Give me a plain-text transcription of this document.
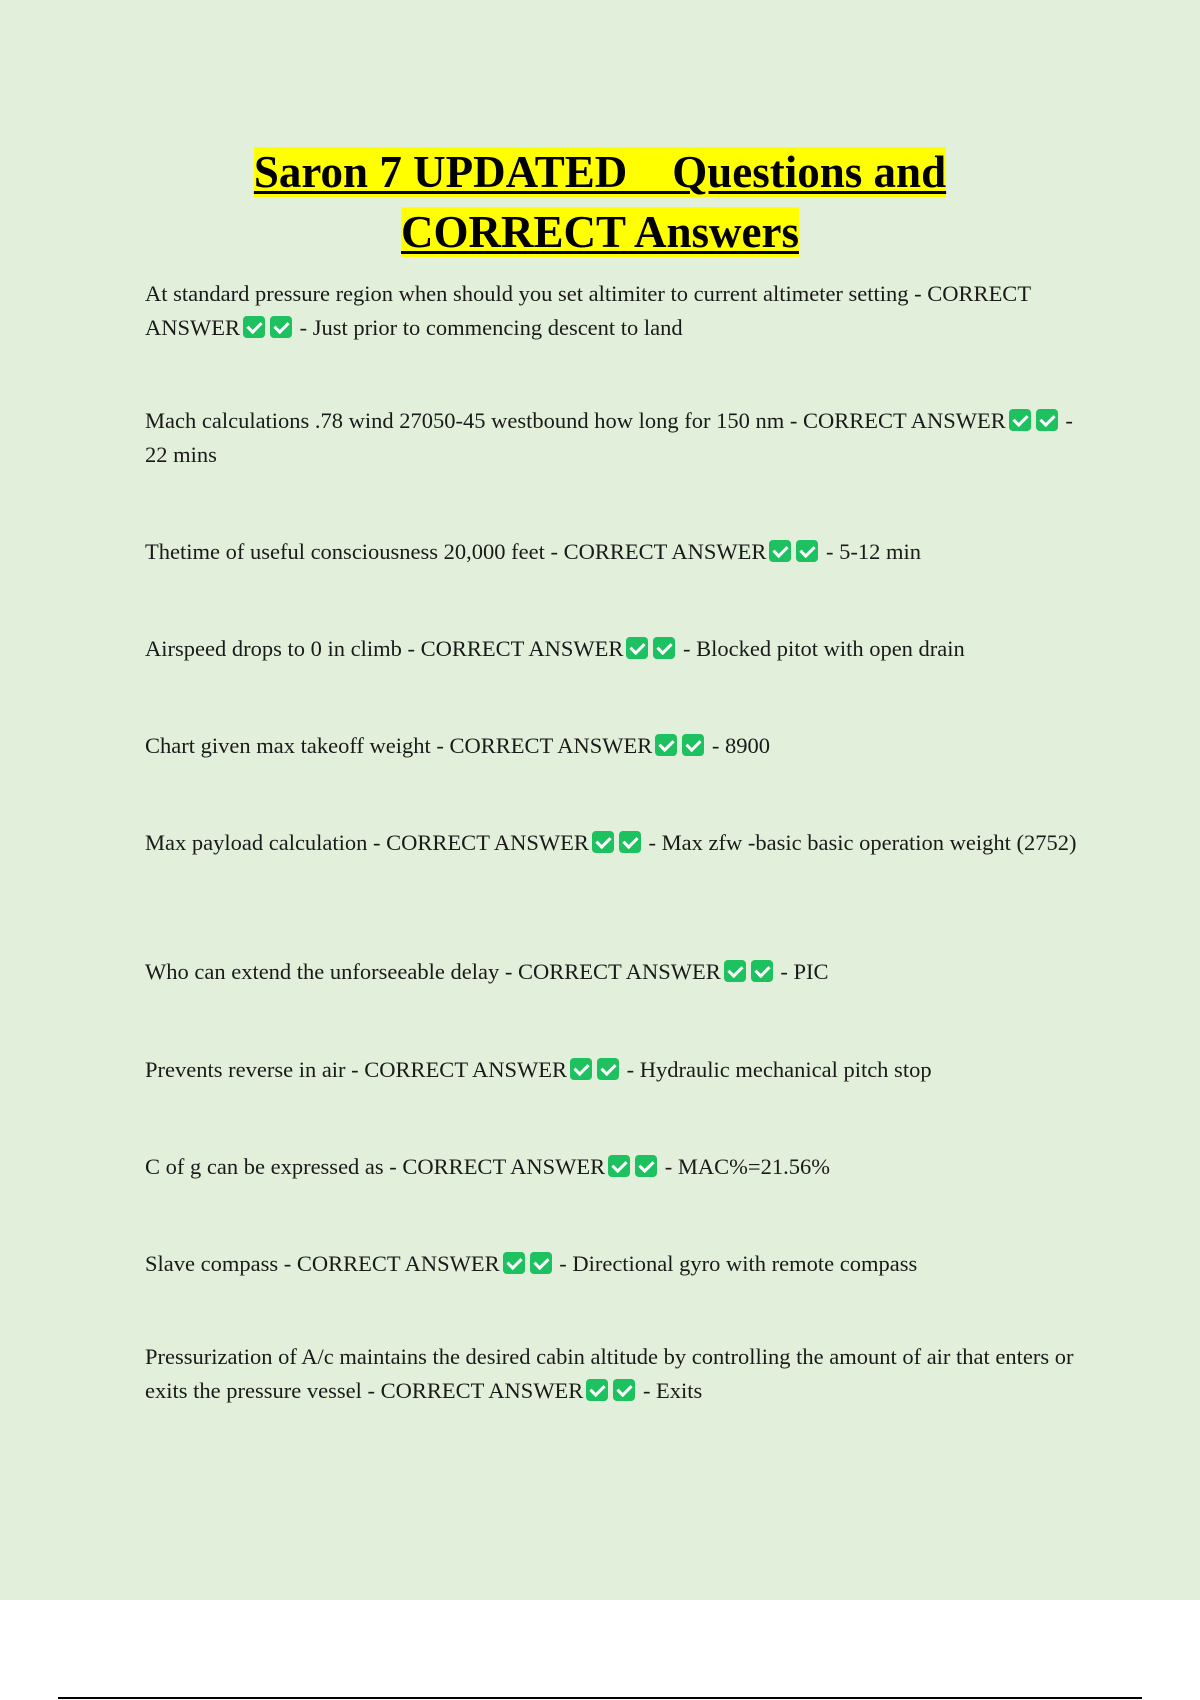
Saron 7 UPDATED    Questions and
CORRECT Answers
At standard pressure region when should you set altimiter to current altimeter setting - CORRECT ANSWER	- Just prior to commencing descent to land
Mach calculations .78 wind 27050-45 westbound how long for 150 nm - CORRECT ANSWER	- 22 mins
Thetime of useful consciousness 20,000 feet - CORRECT ANSWER	- 5-12 min
Airspeed drops to 0 in climb - CORRECT ANSWER	- Blocked pitot with open drain
Chart given max takeoff weight - CORRECT ANSWER	- 8900
Max payload calculation - CORRECT ANSWER	- Max zfw -basic basic operation weight (2752)
Who can extend the unforseeable delay - CORRECT ANSWER	- PIC
Prevents reverse in air - CORRECT ANSWER	- Hydraulic mechanical pitch stop
C of g can be expressed as - CORRECT ANSWER	- MAC%=21.56%
Slave compass - CORRECT ANSWER	- Directional gyro with remote compass
Pressurization of A/c maintains the desired cabin altitude by controlling the amount of air that enters or exits the pressure vessel - CORRECT ANSWER	- Exits
